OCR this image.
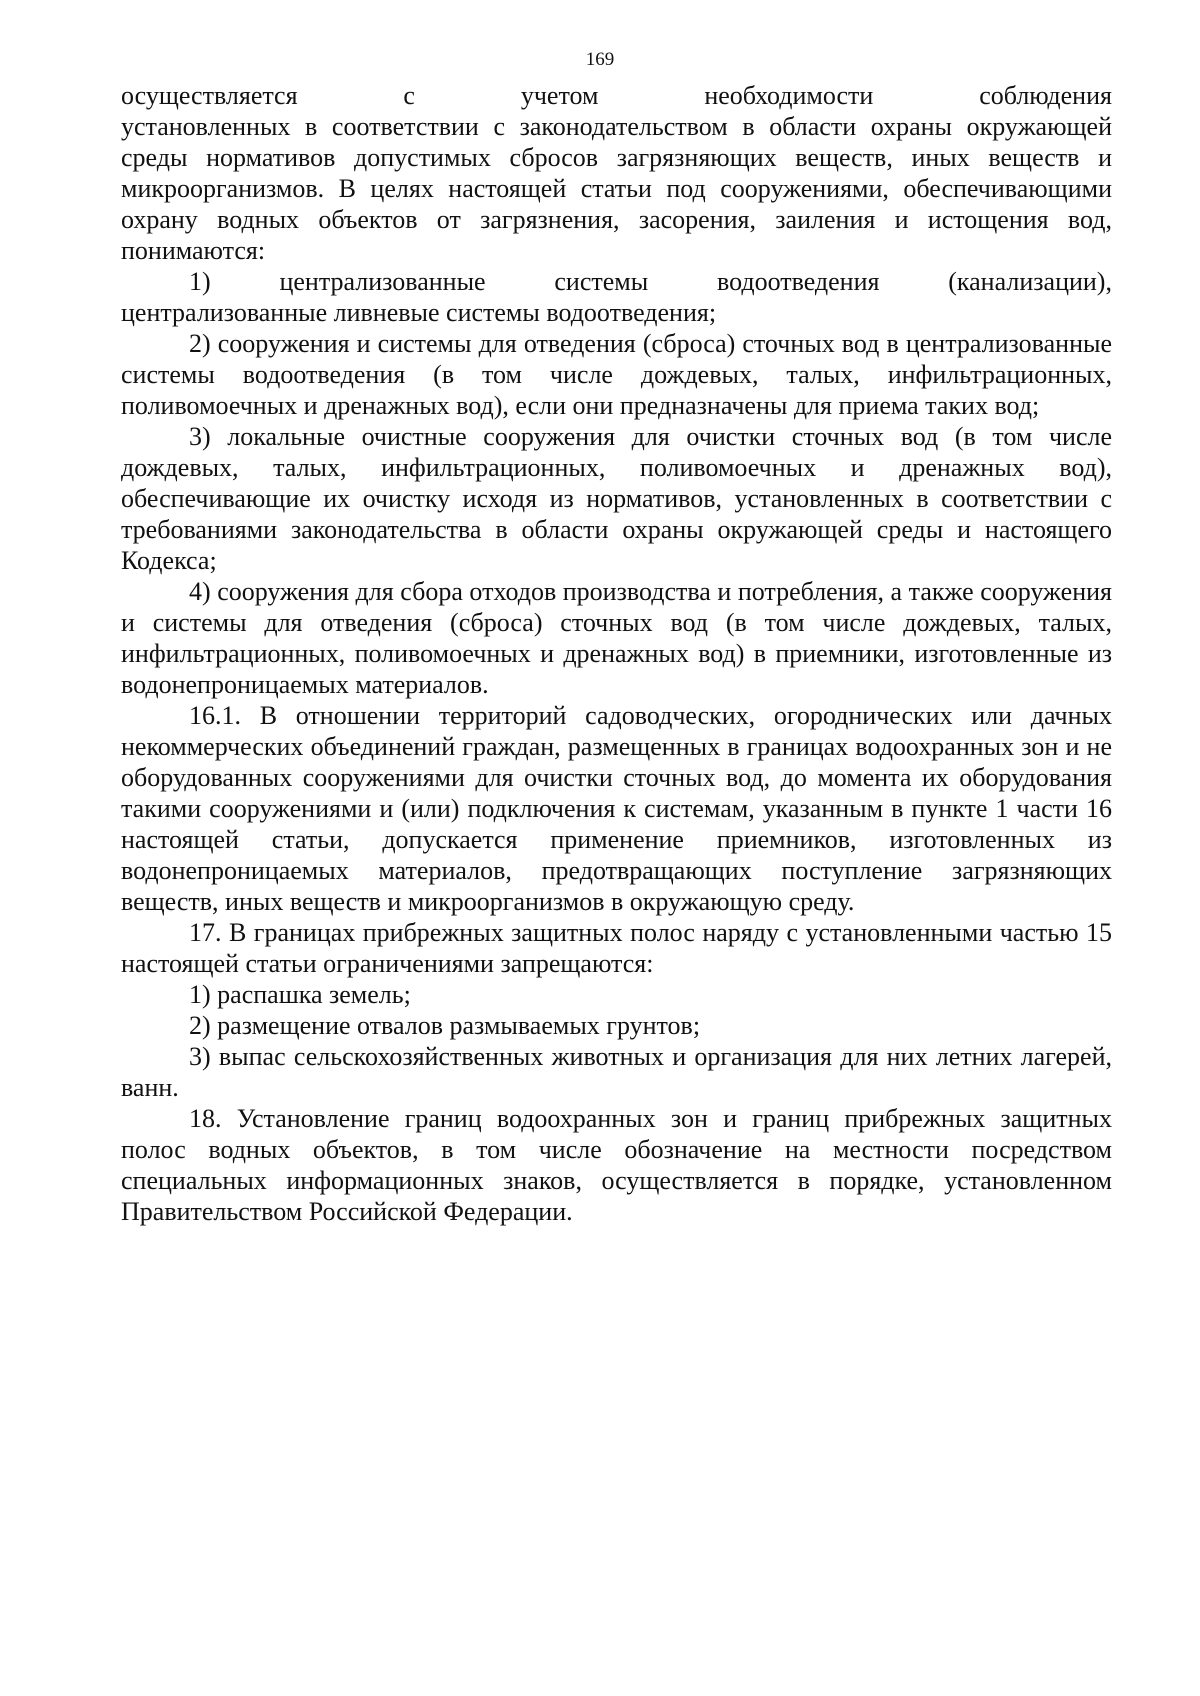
169
осуществляется	с	учетом	необходимости	соблюдения

установленных в соответствии с законодательством в области охраны окружающей среды нормативов допустимых сбросов загрязняющих веществ, иных веществ и микроорганизмов. В целях настоящей статьи под сооружениями, обеспечивающими охрану водных объектов от загрязнения, засорения, заиления и истощения вод, понимаются:

1)	централизованные	системы	водоотведения	(канализации),

централизованные ливневые системы водоотведения;

2) сооружения и системы для отведения (сброса) сточных вод в централизованные системы водоотведения (в том числе дождевых, талых, инфильтрационных, поливомоечных и дренажных вод), если они предназначены для приема таких вод;

3) локальные очистные сооружения для очистки сточных вод (в том числе дождевых, талых, инфильтрационных, поливомоечных и дренажных вод), обеспечивающие их очистку исходя из нормативов, установленных в соответствии с требованиями законодательства в области охраны окружающей среды и настоящего Кодекса;

4) сооружения для сбора отходов производства и потребления, а также сооружения и системы для отведения (сброса) сточных вод (в том числе дождевых, талых, инфильтрационных, поливомоечных и дренажных вод) в приемники, изготовленные из водонепроницаемых материалов.

16.1. В отношении территорий садоводческих, огороднических или дачных некоммерческих объединений граждан, размещенных в границах водоохранных зон и не оборудованных сооружениями для очистки сточных вод, до момента их оборудования такими сооружениями и (или) подключения к системам, указанным в пункте 1 части 16 настоящей статьи, допускается применение приемников, изготовленных из водонепроницаемых материалов, предотвращающих поступление загрязняющих веществ, иных веществ и микроорганизмов в окружающую среду.

17. В границах прибрежных защитных полос наряду с установленными частью 15 настоящей статьи ограничениями запрещаются:

1) распашка земель;

2) размещение отвалов размываемых грунтов;

3) выпас сельскохозяйственных животных и организация для них летних лагерей, ванн.

18. Установление границ водоохранных зон и границ прибрежных защитных полос водных объектов, в том числе обозначение на местности посредством специальных информационных знаков, осуществляется в порядке, установленном Правительством Российской Федерации.
